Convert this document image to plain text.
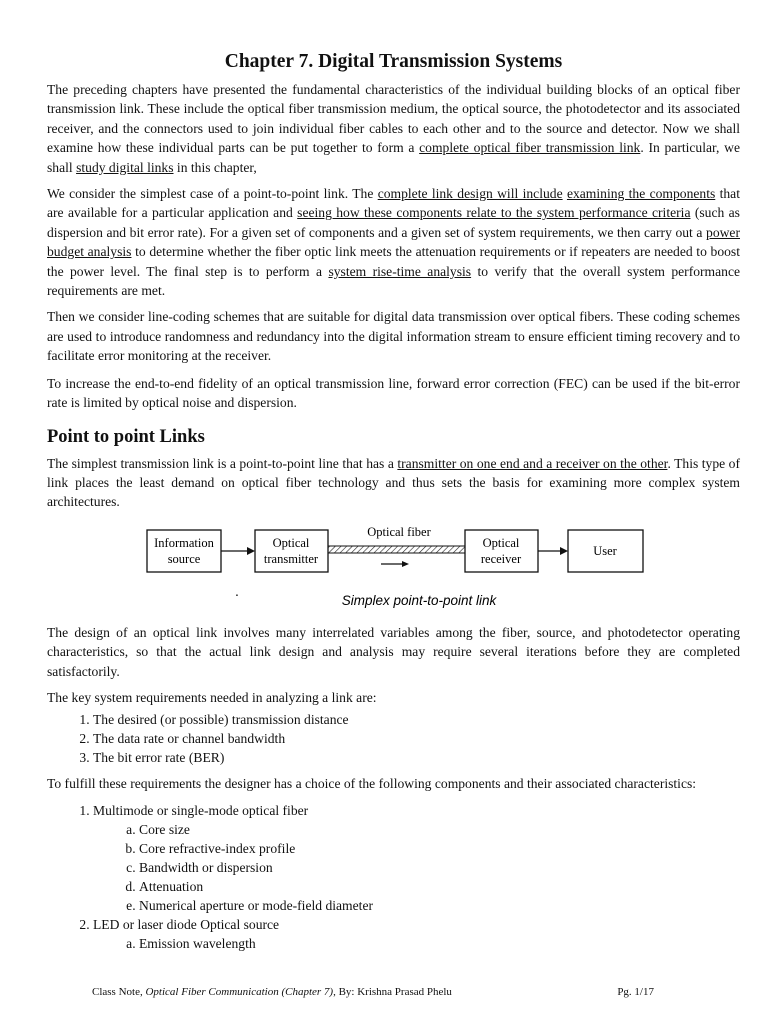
Chapter 7. Digital Transmission Systems

The preceding chapters have presented the fundamental characteristics of the individual building blocks of an optical fiber transmission link. These include the optical fiber transmission medium, the optical source, the photodetector and its associated receiver, and the connectors used to join individual fiber cables to each other and to the source and detector. Now we shall examine how these individual parts can be put together to form a complete optical fiber transmission link. In particular, we shall study digital links in this chapter,

We consider the simplest case of a point-to-point link. The complete link design will include examining the components that are available for a particular application and seeing how these components relate to the system performance criteria (such as dispersion and bit error rate). For a given set of components and a given set of system requirements, we then carry out a power budget analysis to determine whether the fiber optic link meets the attenuation requirements or if repeaters are needed to boost the power level. The final step is to perform a system rise-time analysis to verify that the overall system performance requirements are met.

Then we consider line-coding schemes that are suitable for digital data transmission over optical fibers. These coding schemes are used to introduce randomness and redundancy into the digital information stream to ensure efficient timing recovery and to facilitate error monitoring at the receiver.

To increase the end-to-end fidelity of an optical transmission line, forward error correction (FEC) can be used if the bit-error rate is limited by optical noise and dispersion.

Point to point Links

The simplest transmission link is a point-to-point line that has a transmitter on one end and a receiver on the other. This type of link places the least demand on optical fiber technology and thus sets the basis for examining more complex system architectures.

Information
source
Optical
transmitter
Optical fiber
Optical
receiver
User
·	Simplex point-to-point link

The design of an optical link involves many interrelated variables among the fiber, source, and photodetector operating characteristics, so that the actual link design and analysis may require several iterations before they are completed satisfactorily.

The key system requirements needed in analyzing a link are:

1. The desired (or possible) transmission distance
2. The data rate or channel bandwidth
3. The bit error rate (BER)

To fulfill these requirements the designer has a choice of the following components and their associated characteristics:

1. Multimode or single-mode optical fiber
a. Core size
b. Core refractive-index profile
c. Bandwidth or dispersion
d. Attenuation
e. Numerical aperture or mode-field diameter
2. LED or laser diode Optical source
a. Emission wavelength
Class Note, Optical Fiber Communication (Chapter 7), By: Krishna Prasad Phelu	Pg. 1/17
